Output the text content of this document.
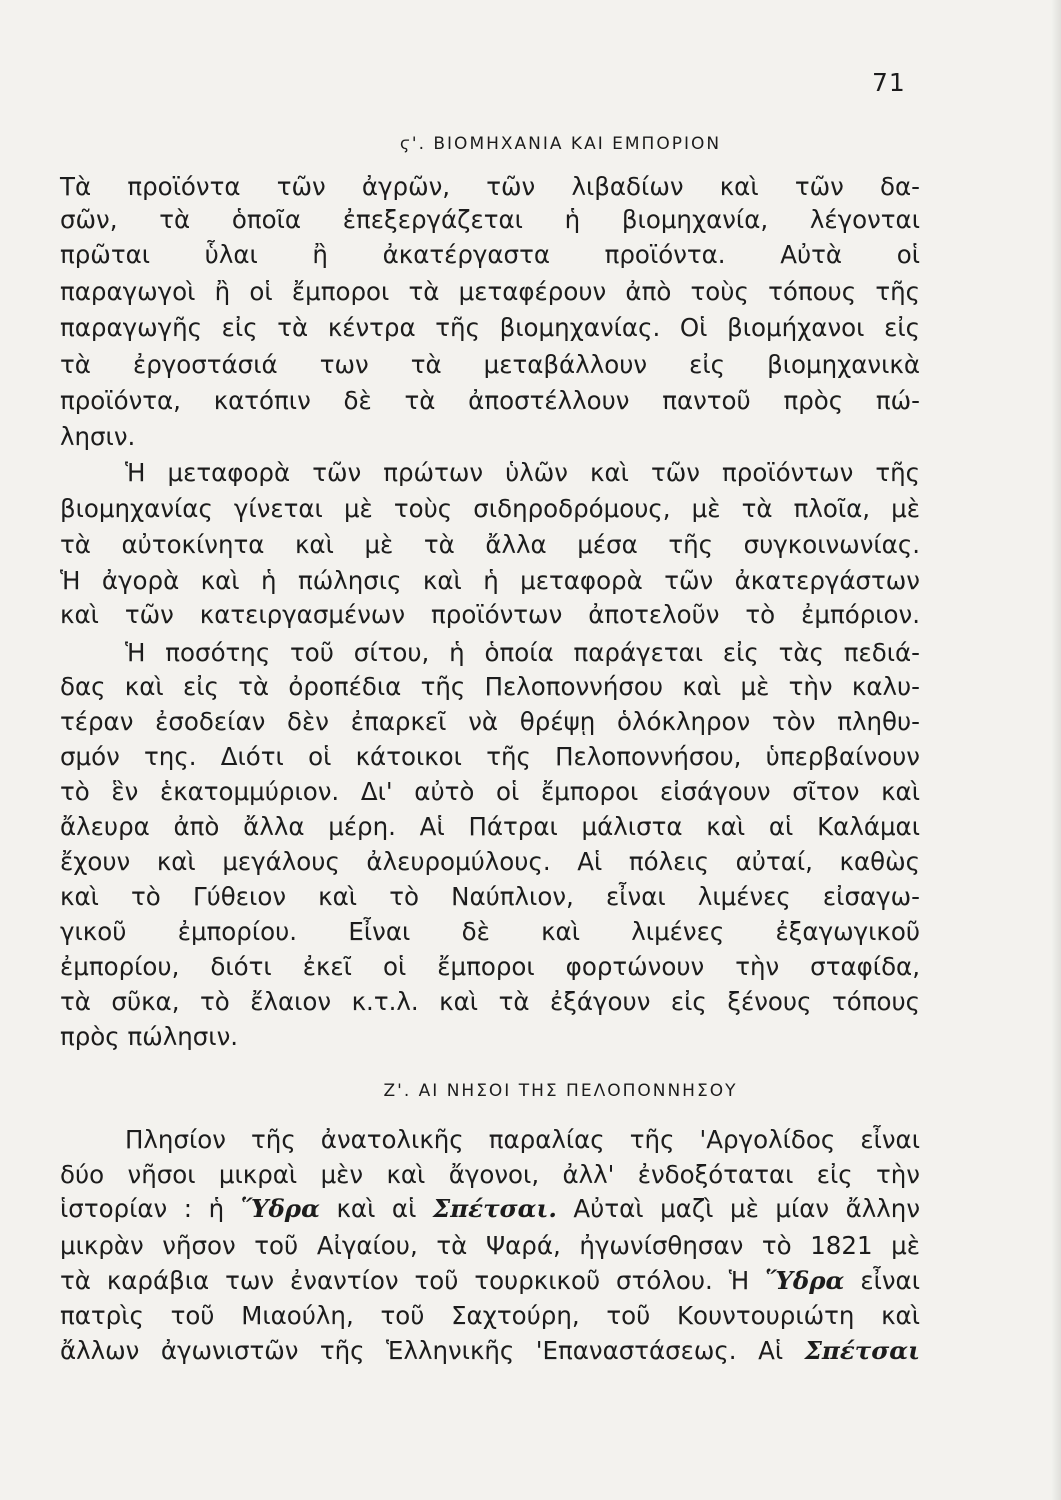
71
ϛ'. ΒΙΟΜΗΧΑΝΙΑ ΚΑΙ ΕΜΠΟΡΙΟΝ
Τὰ προϊόντα τῶν ἀγρῶν, τῶν λιβαδίων καὶ τῶν δα-
σῶν, τὰ ὁποῖα ἐπεξεργάζεται ἡ βιομηχανία, λέγονται
πρῶται ὗλαι ἢ ἀκατέργαστα προϊόντα. Αὐτὰ οἱ
παραγωγοὶ ἢ οἱ ἔμποροι τὰ μεταφέρουν ἀπὸ τοὺς τόπους τῆς
παραγωγῆς εἰς τὰ κέντρα τῆς βιομηχανίας. Οἱ βιομήχανοι εἰς
τὰ ἐργοστάσιά των τὰ μεταβάλλουν εἰς βιομηχανικὰ
προϊόντα, κατόπιν δὲ τὰ ἀποστέλλουν παντοῦ πρὸς πώ-
λησιν.
Ἡ μεταφορὰ τῶν πρώτων ὑλῶν καὶ τῶν προϊόντων τῆς
βιομηχανίας γίνεται μὲ τοὺς σιδηροδρόμους, μὲ τὰ πλοῖα, μὲ
τὰ αὐτοκίνητα καὶ μὲ τὰ ἄλλα μέσα τῆς συγκοινωνίας.
Ἡ ἀγορὰ καὶ ἡ πώλησις καὶ ἡ μεταφορὰ τῶν ἀκατεργάστων
καὶ τῶν κατειργασμένων προϊόντων ἀποτελοῦν τὸ ἐμπόριον.
Ἡ ποσότης τοῦ σίτου, ἡ ὁποία παράγεται εἰς τὰς πεδιά-
δας καὶ εἰς τὰ ὀροπέδια τῆς Πελοποννήσου καὶ μὲ τὴν καλυ-
τέραν ἐσοδείαν δὲν ἐπαρκεῖ νὰ θρέψῃ ὁλόκληρον τὸν πληθυ-
σμόν της. Διότι οἱ κάτοικοι τῆς Πελοποννήσου, ὑπερβαίνουν
τὸ ἓν ἑκατομμύριον. Δι' αὐτὸ οἱ ἔμποροι εἰσάγουν σῖτον καὶ
ἄλευρα ἀπὸ ἄλλα μέρη. Αἱ Πάτραι μάλιστα καὶ αἱ Καλάμαι
ἔχουν καὶ μεγάλους ἀλευρομύλους. Αἱ πόλεις αὐταί, καθὼς
καὶ τὸ Γύθειον καὶ τὸ Ναύπλιον, εἶναι λιμένες εἰσαγω-
γικοῦ ἐμπορίου. Εἶναι δὲ καὶ λιμένες ἐξαγωγικοῦ
ἐμπορίου, διότι ἐκεῖ οἱ ἔμποροι φορτώνουν τὴν σταφίδα,
τὰ σῦκα, τὸ ἔλαιον κ.τ.λ. καὶ τὰ ἐξάγουν εἰς ξένους τόπους
πρὸς πώλησιν.
Ζ'. ΑΙ ΝΗΣΟΙ ΤΗΣ ΠΕΛΟΠΟΝΝΗΣΟΥ
Πλησίον τῆς ἀνατολικῆς παραλίας τῆς 'Αργολίδος εἶναι
δύο νῆσοι μικραὶ μὲν καὶ ἄγονοι, ἀλλ' ἐνδοξόταται εἰς τὴν
ἱστορίαν : ἡ Ὕδρα καὶ αἱ Σπέτσαι. Αὐταὶ μαζὶ μὲ μίαν ἄλλην
μικρὰν νῆσον τοῦ Αἰγαίου, τὰ Ψαρά, ἠγωνίσθησαν τὸ 1821 μὲ
τὰ καράβια των ἐναντίον τοῦ τουρκικοῦ στόλου. Ἡ Ὕδρα εἶναι
πατρὶς τοῦ Μιαούλη, τοῦ Σαχτούρη, τοῦ Κουντουριώτη καὶ
ἄλλων ἀγωνιστῶν τῆς Ἑλληνικῆς 'Επαναστάσεως. Αἱ Σπέτσαι
